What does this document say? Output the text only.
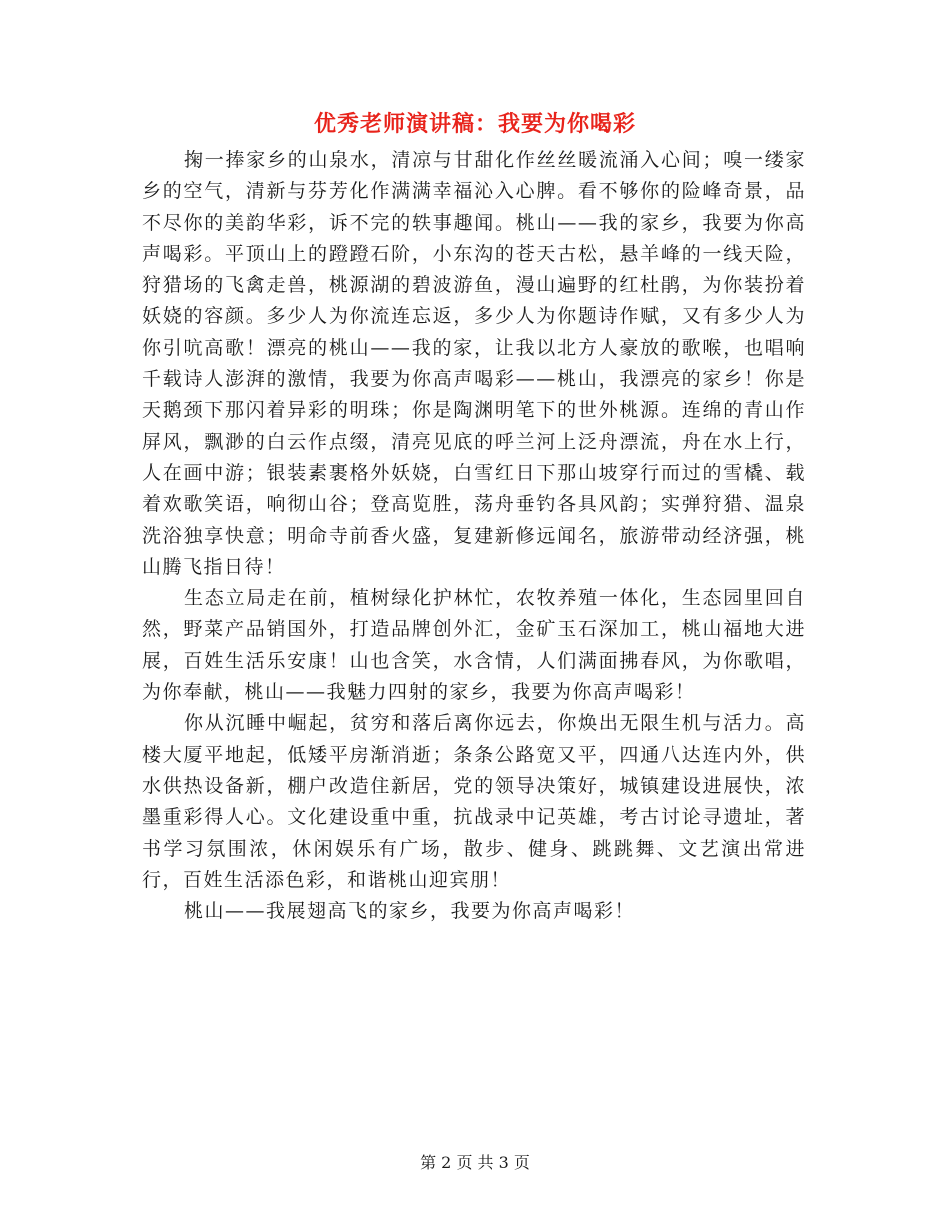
优秀老师演讲稿：我要为你喝彩

掬一捧家乡的山泉水，清凉与甘甜化作丝丝暖流涌入心间；嗅一缕家乡的空气，清新与芬芳化作满满幸福沁入心脾。看不够你的险峰奇景，品不尽你的美韵华彩，诉不完的轶事趣闻。桃山——我的家乡，我要为你高声喝彩。平顶山上的蹬蹬石阶，小东沟的苍天古松，悬羊峰的一线天险，狩猎场的飞禽走兽，桃源湖的碧波游鱼，漫山遍野的红杜鹃，为你装扮着妖娆的容颜。多少人为你流连忘返，多少人为你题诗作赋，又有多少人为你引吭高歌！漂亮的桃山——我的家，让我以北方人豪放的歌喉，也唱响千载诗人澎湃的激情，我要为你高声喝彩——桃山，我漂亮的家乡！你是天鹅颈下那闪着异彩的明珠；你是陶渊明笔下的世外桃源。连绵的青山作屏风，飘渺的白云作点缀，清亮见底的呼兰河上泛舟漂流，舟在水上行，人在画中游；银装素裹格外妖娆，白雪红日下那山坡穿行而过的雪橇、载着欢歌笑语，响彻山谷；登高览胜，荡舟垂钓各具风韵；实弹狩猎、温泉洗浴独享快意；明命寺前香火盛，复建新修远闻名，旅游带动经济强，桃山腾飞指日待！

生态立局走在前，植树绿化护林忙，农牧养殖一体化，生态园里回自然，野菜产品销国外，打造品牌创外汇，金矿玉石深加工，桃山福地大进展，百姓生活乐安康！山也含笑，水含情，人们满面拂春风，为你歌唱，为你奉献，桃山——我魅力四射的家乡，我要为你高声喝彩！

你从沉睡中崛起，贫穷和落后离你远去，你焕出无限生机与活力。高楼大厦平地起，低矮平房渐消逝；条条公路宽又平，四通八达连内外，供水供热设备新，棚户改造住新居，党的领导决策好，城镇建设进展快，浓墨重彩得人心。文化建设重中重，抗战录中记英雄，考古讨论寻遗址，著书学习氛围浓，休闲娱乐有广场，散步、健身、跳跳舞、文艺演出常进行，百姓生活添色彩，和谐桃山迎宾朋！

桃山——我展翅高飞的家乡，我要为你高声喝彩！

第 2 页 共 3 页
